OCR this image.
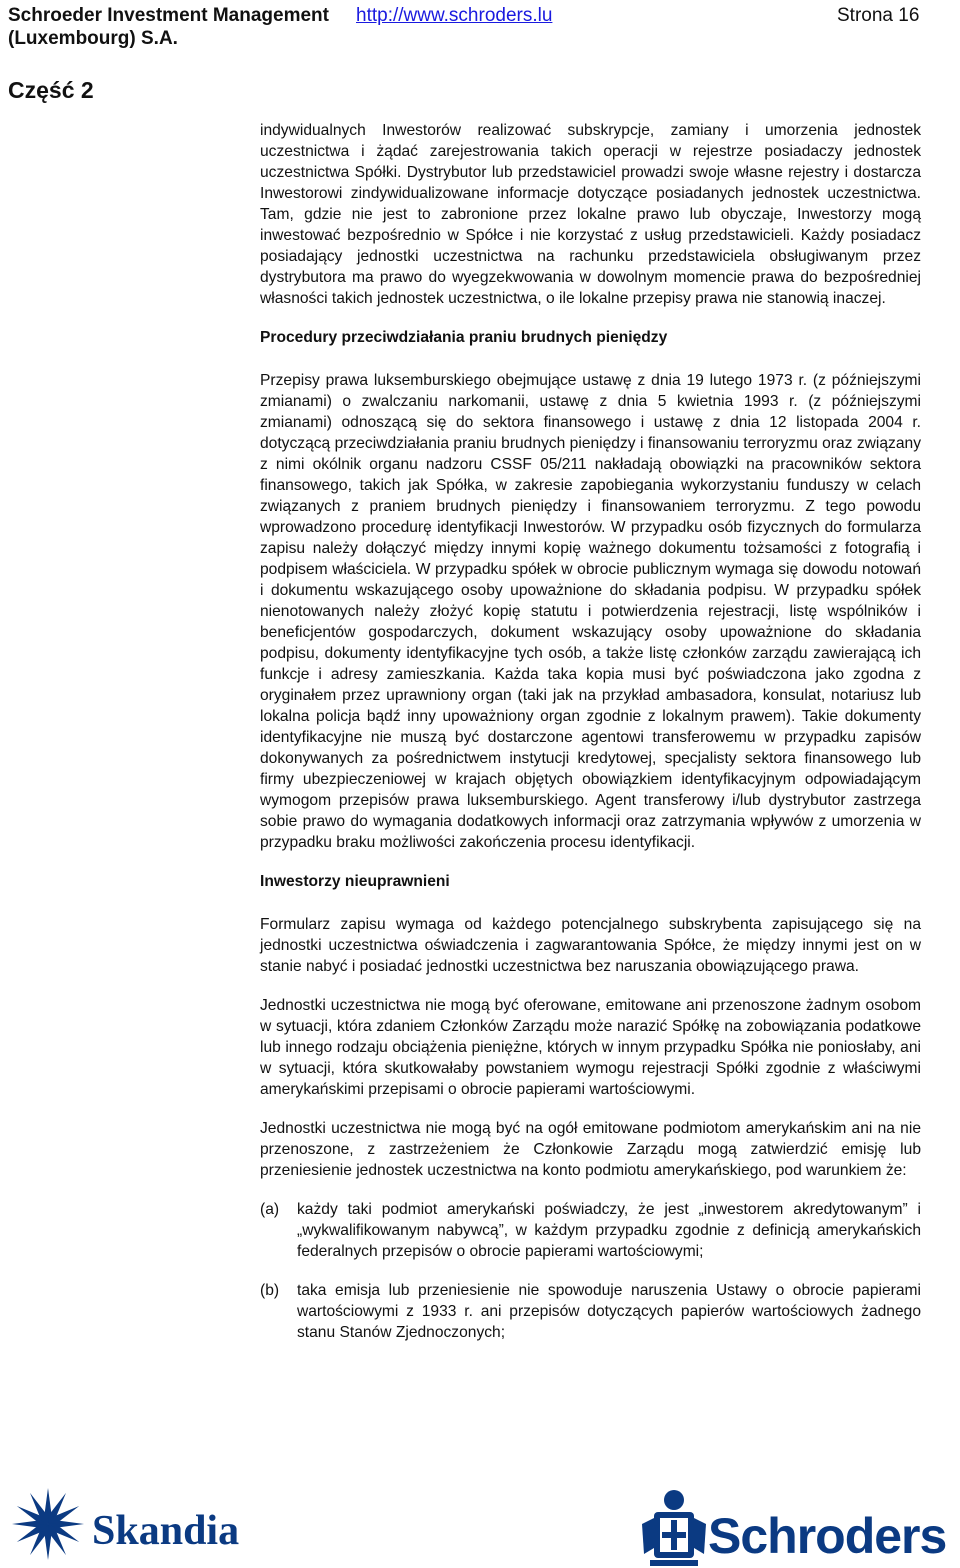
Schroeder Investment Management http://www.schroders.lu	Strona 16
(Luxembourg) S.A.
Część 2

indywidualnych Inwestorów realizować subskrypcje, zamiany i umorzenia jednostek uczestnictwa i żądać zarejestrowania takich operacji w rejestrze posiadaczy jednostek uczestnictwa Spółki. Dystrybutor lub przedstawiciel prowadzi swoje własne rejestry i dostarcza Inwestorowi zindywidualizowane informacje dotyczące posiadanych jednostek uczestnictwa. Tam, gdzie nie jest to zabronione przez lokalne prawo lub obyczaje, Inwestorzy mogą inwestować bezpośrednio w Spółce i nie korzystać z usług przedstawicieli. Każdy posiadacz posiadający jednostki uczestnictwa na rachunku przedstawiciela obsługiwanym przez dystrybutora ma prawo do wyegzekwowania w dowolnym momencie prawa do bezpośredniej własności takich jednostek uczestnictwa, o ile lokalne przepisy prawa nie stanowią inaczej.

Procedury przeciwdziałania praniu brudnych pieniędzy

Przepisy prawa luksemburskiego obejmujące ustawę z dnia 19 lutego 1973 r. (z późniejszymi zmianami) o zwalczaniu narkomanii, ustawę z dnia 5 kwietnia 1993 r. (z późniejszymi zmianami) odnoszącą się do sektora finansowego i ustawę z dnia 12 listopada 2004 r. dotyczącą przeciwdziałania praniu brudnych pieniędzy i finansowaniu terroryzmu oraz związany z nimi okólnik organu nadzoru CSSF 05/211 nakładają obowiązki na pracowników sektora finansowego, takich jak Spółka, w zakresie zapobiegania wykorzystaniu funduszy w celach związanych z praniem brudnych pieniędzy i finansowaniem terroryzmu. Z tego powodu wprowadzono procedurę identyfikacji Inwestorów. W przypadku osób fizycznych do formularza zapisu należy dołączyć między innymi kopię ważnego dokumentu tożsamości z fotografią i podpisem właściciela. W przypadku spółek w obrocie publicznym wymaga się dowodu notowań i dokumentu wskazującego osoby upoważnione do składania podpisu. W przypadku spółek nienotowanych należy złożyć kopię statutu i potwierdzenia rejestracji, listę wspólników i beneficjentów gospodarczych, dokument wskazujący osoby upoważnione do składania podpisu, dokumenty identyfikacyjne tych osób, a także listę członków zarządu zawierającą ich funkcje i adresy zamieszkania. Każda taka kopia musi być poświadczona jako zgodna z oryginałem przez uprawniony organ (taki jak na przykład ambasadora, konsulat, notariusz lub lokalna policja bądź inny upoważniony organ zgodnie z lokalnym prawem). Takie dokumenty identyfikacyjne nie muszą być dostarczone agentowi transferowemu w przypadku zapisów dokonywanych za pośrednictwem instytucji kredytowej, specjalisty sektora finansowego lub firmy ubezpieczeniowej w krajach objętych obowiązkiem identyfikacyjnym odpowiadającym wymogom przepisów prawa luksemburskiego. Agent transferowy i/lub dystrybutor zastrzega sobie prawo do wymagania dodatkowych informacji oraz zatrzymania wpływów z umorzenia w przypadku braku możliwości zakończenia procesu identyfikacji.

Inwestorzy nieuprawnieni

Formularz zapisu wymaga od każdego potencjalnego subskrybenta zapisującego się na jednostki uczestnictwa oświadczenia i zagwarantowania Spółce, że między innymi jest on w stanie nabyć i posiadać jednostki uczestnictwa bez naruszania obowiązującego prawa.

Jednostki uczestnictwa nie mogą być oferowane, emitowane ani przenoszone żadnym osobom w sytuacji, która zdaniem Członków Zarządu może narazić Spółkę na zobowiązania podatkowe lub innego rodzaju obciążenia pieniężne, których w innym przypadku Spółka nie poniosłaby, ani w sytuacji, która skutkowałaby powstaniem wymogu rejestracji Spółki zgodnie z właściwymi amerykańskimi przepisami o obrocie papierami wartościowymi.

Jednostki uczestnictwa nie mogą być na ogół emitowane podmiotom amerykańskim ani na nie przenoszone, z zastrzeżeniem że Członkowie Zarządu mogą zatwierdzić emisję lub przeniesienie jednostek uczestnictwa na konto podmiotu amerykańskiego, pod warunkiem że:

(a) każdy taki podmiot amerykański poświadczy, że jest „inwestorem akredytowanym” i „wykwalifikowanym nabywcą”, w każdym przypadku zgodnie z definicją amerykańskich federalnych przepisów o obrocie papierami wartościowymi;
(b) taka emisja lub przeniesienie nie spowoduje naruszenia Ustawy o obrocie papierami wartościowymi z 1933 r. ani przepisów dotyczących papierów wartościowych żadnego stanu Stanów Zjednoczonych;
Skandia	Schroders
